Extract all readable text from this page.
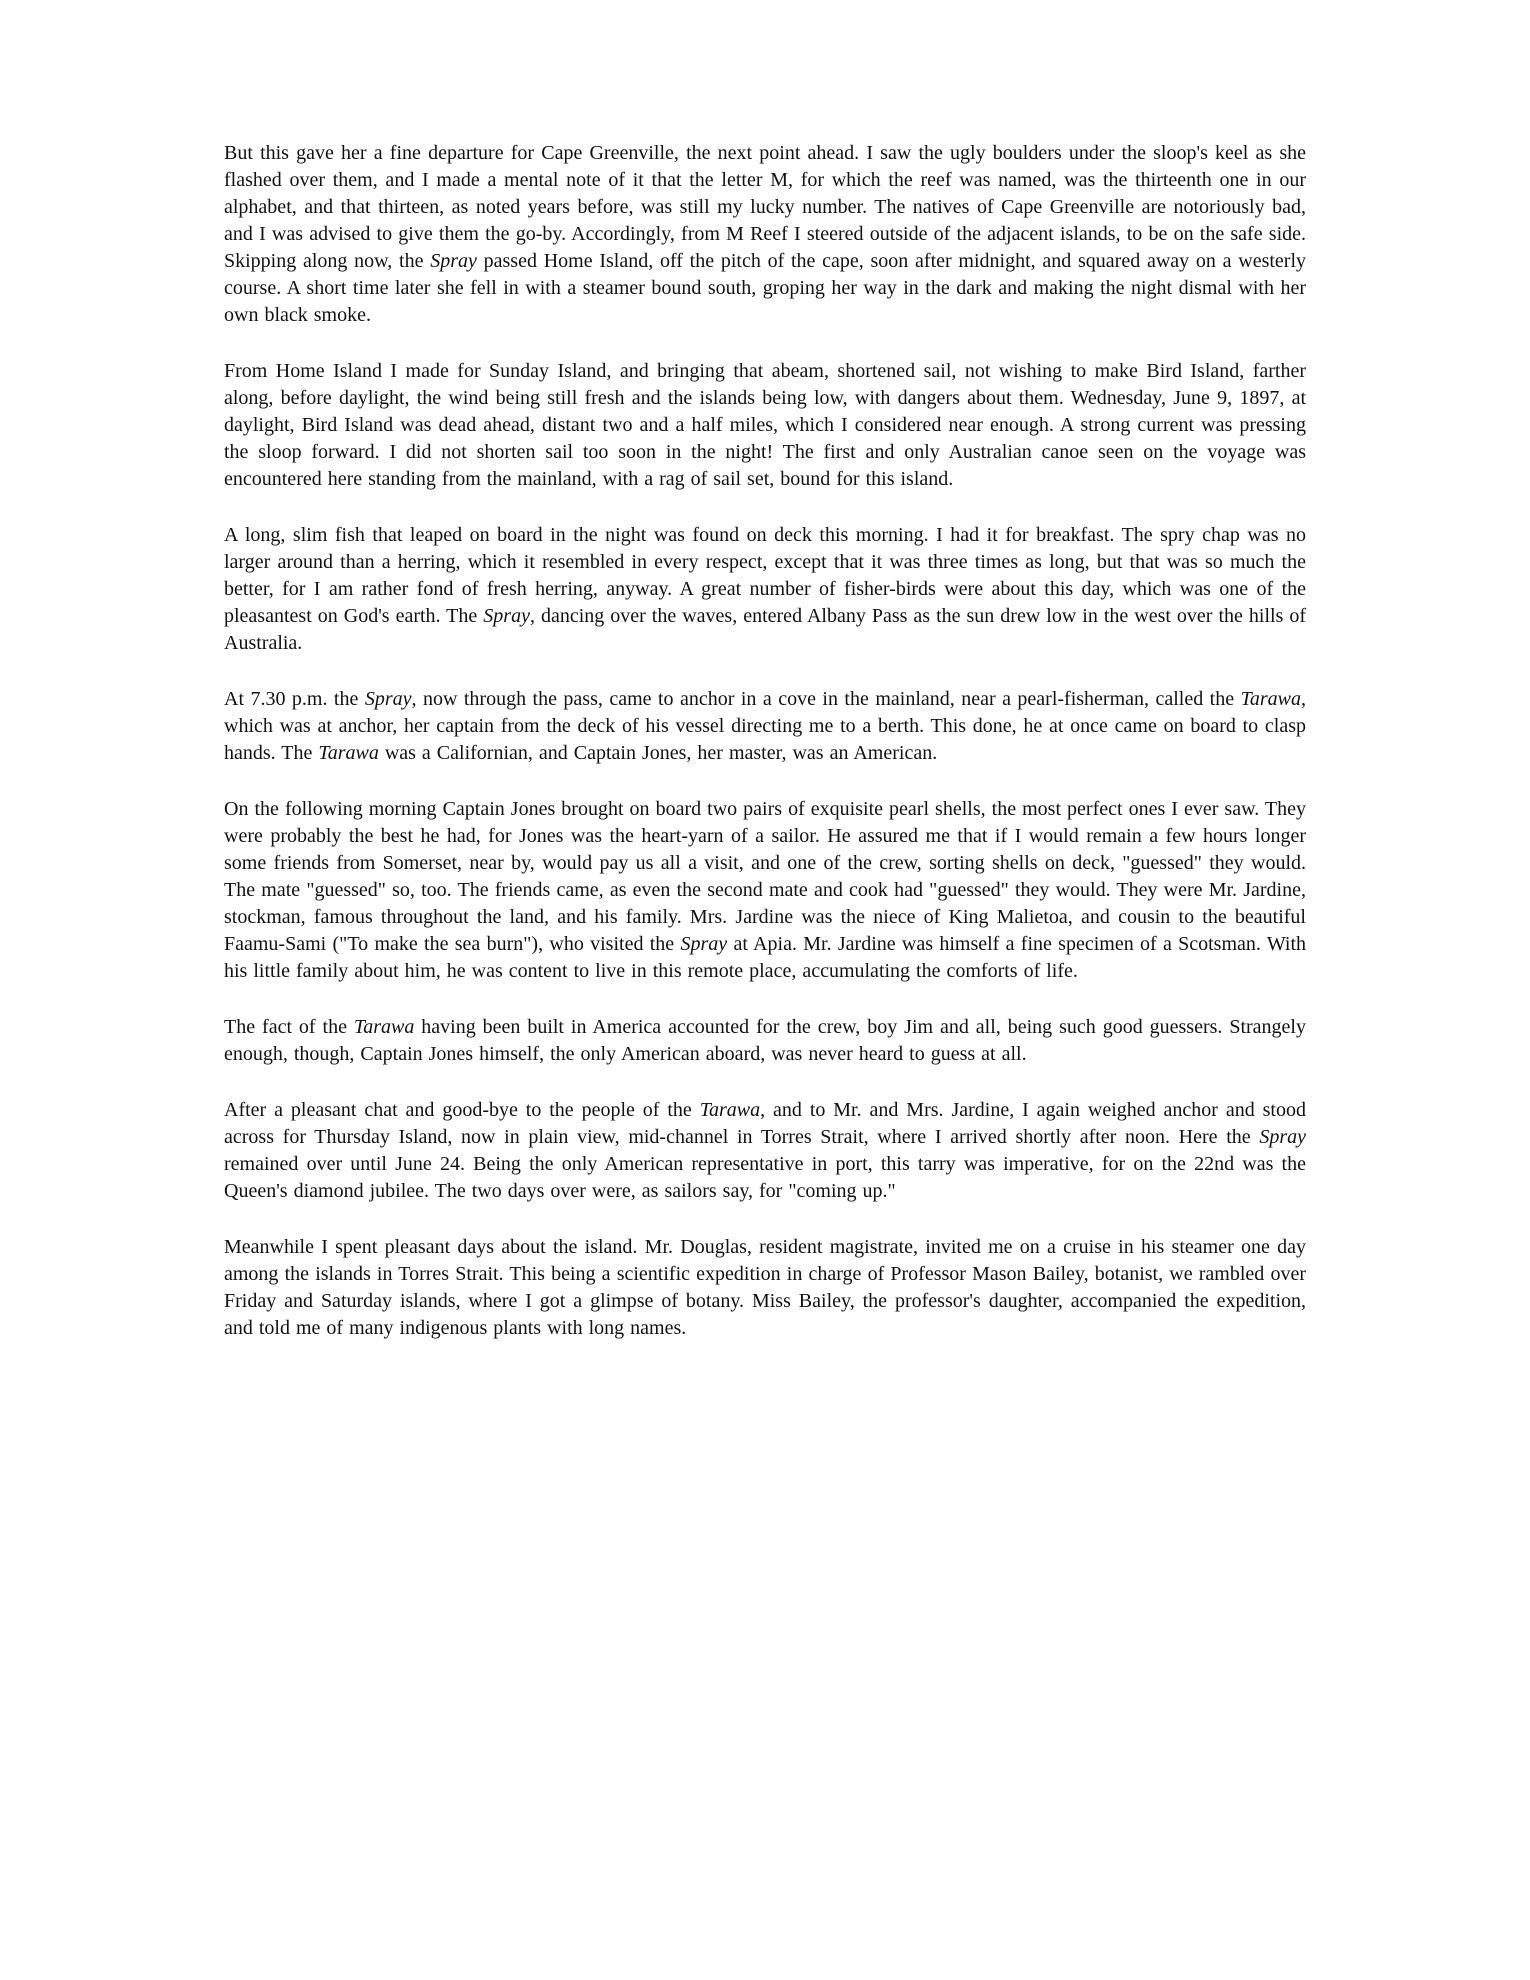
But this gave her a fine departure for Cape Greenville, the next point ahead. I saw the ugly boulders under the sloop's keel as she flashed over them, and I made a mental note of it that the letter M, for which the reef was named, was the thirteenth one in our alphabet, and that thirteen, as noted years before, was still my lucky number. The natives of Cape Greenville are notoriously bad, and I was advised to give them the go-by. Accordingly, from M Reef I steered outside of the adjacent islands, to be on the safe side. Skipping along now, the Spray passed Home Island, off the pitch of the cape, soon after midnight, and squared away on a westerly course. A short time later she fell in with a steamer bound south, groping her way in the dark and making the night dismal with her own black smoke.

From Home Island I made for Sunday Island, and bringing that abeam, shortened sail, not wishing to make Bird Island, farther along, before daylight, the wind being still fresh and the islands being low, with dangers about them. Wednesday, June 9, 1897, at daylight, Bird Island was dead ahead, distant two and a half miles, which I considered near enough. A strong current was pressing the sloop forward. I did not shorten sail too soon in the night! The first and only Australian canoe seen on the voyage was encountered here standing from the mainland, with a rag of sail set, bound for this island.

A long, slim fish that leaped on board in the night was found on deck this morning. I had it for breakfast. The spry chap was no larger around than a herring, which it resembled in every respect, except that it was three times as long, but that was so much the better, for I am rather fond of fresh herring, anyway. A great number of fisher-birds were about this day, which was one of the pleasantest on God's earth. The Spray, dancing over the waves, entered Albany Pass as the sun drew low in the west over the hills of Australia.

At 7.30 p.m. the Spray, now through the pass, came to anchor in a cove in the mainland, near a pearl-fisherman, called the Tarawa, which was at anchor, her captain from the deck of his vessel directing me to a berth. This done, he at once came on board to clasp hands. The Tarawa was a Californian, and Captain Jones, her master, was an American.

On the following morning Captain Jones brought on board two pairs of exquisite pearl shells, the most perfect ones I ever saw. They were probably the best he had, for Jones was the heart-yarn of a sailor. He assured me that if I would remain a few hours longer some friends from Somerset, near by, would pay us all a visit, and one of the crew, sorting shells on deck, "guessed" they would. The mate "guessed" so, too. The friends came, as even the second mate and cook had "guessed" they would. They were Mr. Jardine, stockman, famous throughout the land, and his family. Mrs. Jardine was the niece of King Malietoa, and cousin to the beautiful Faamu-Sami ("To make the sea burn"), who visited the Spray at Apia. Mr. Jardine was himself a fine specimen of a Scotsman. With his little family about him, he was content to live in this remote place, accumulating the comforts of life.

The fact of the Tarawa having been built in America accounted for the crew, boy Jim and all, being such good guessers. Strangely enough, though, Captain Jones himself, the only American aboard, was never heard to guess at all.

After a pleasant chat and good-bye to the people of the Tarawa, and to Mr. and Mrs. Jardine, I again weighed anchor and stood across for Thursday Island, now in plain view, mid-channel in Torres Strait, where I arrived shortly after noon. Here the Spray remained over until June 24. Being the only American representative in port, this tarry was imperative, for on the 22nd was the Queen's diamond jubilee. The two days over were, as sailors say, for "coming up."

Meanwhile I spent pleasant days about the island. Mr. Douglas, resident magistrate, invited me on a cruise in his steamer one day among the islands in Torres Strait. This being a scientific expedition in charge of Professor Mason Bailey, botanist, we rambled over Friday and Saturday islands, where I got a glimpse of botany. Miss Bailey, the professor's daughter, accompanied the expedition, and told me of many indigenous plants with long names.
